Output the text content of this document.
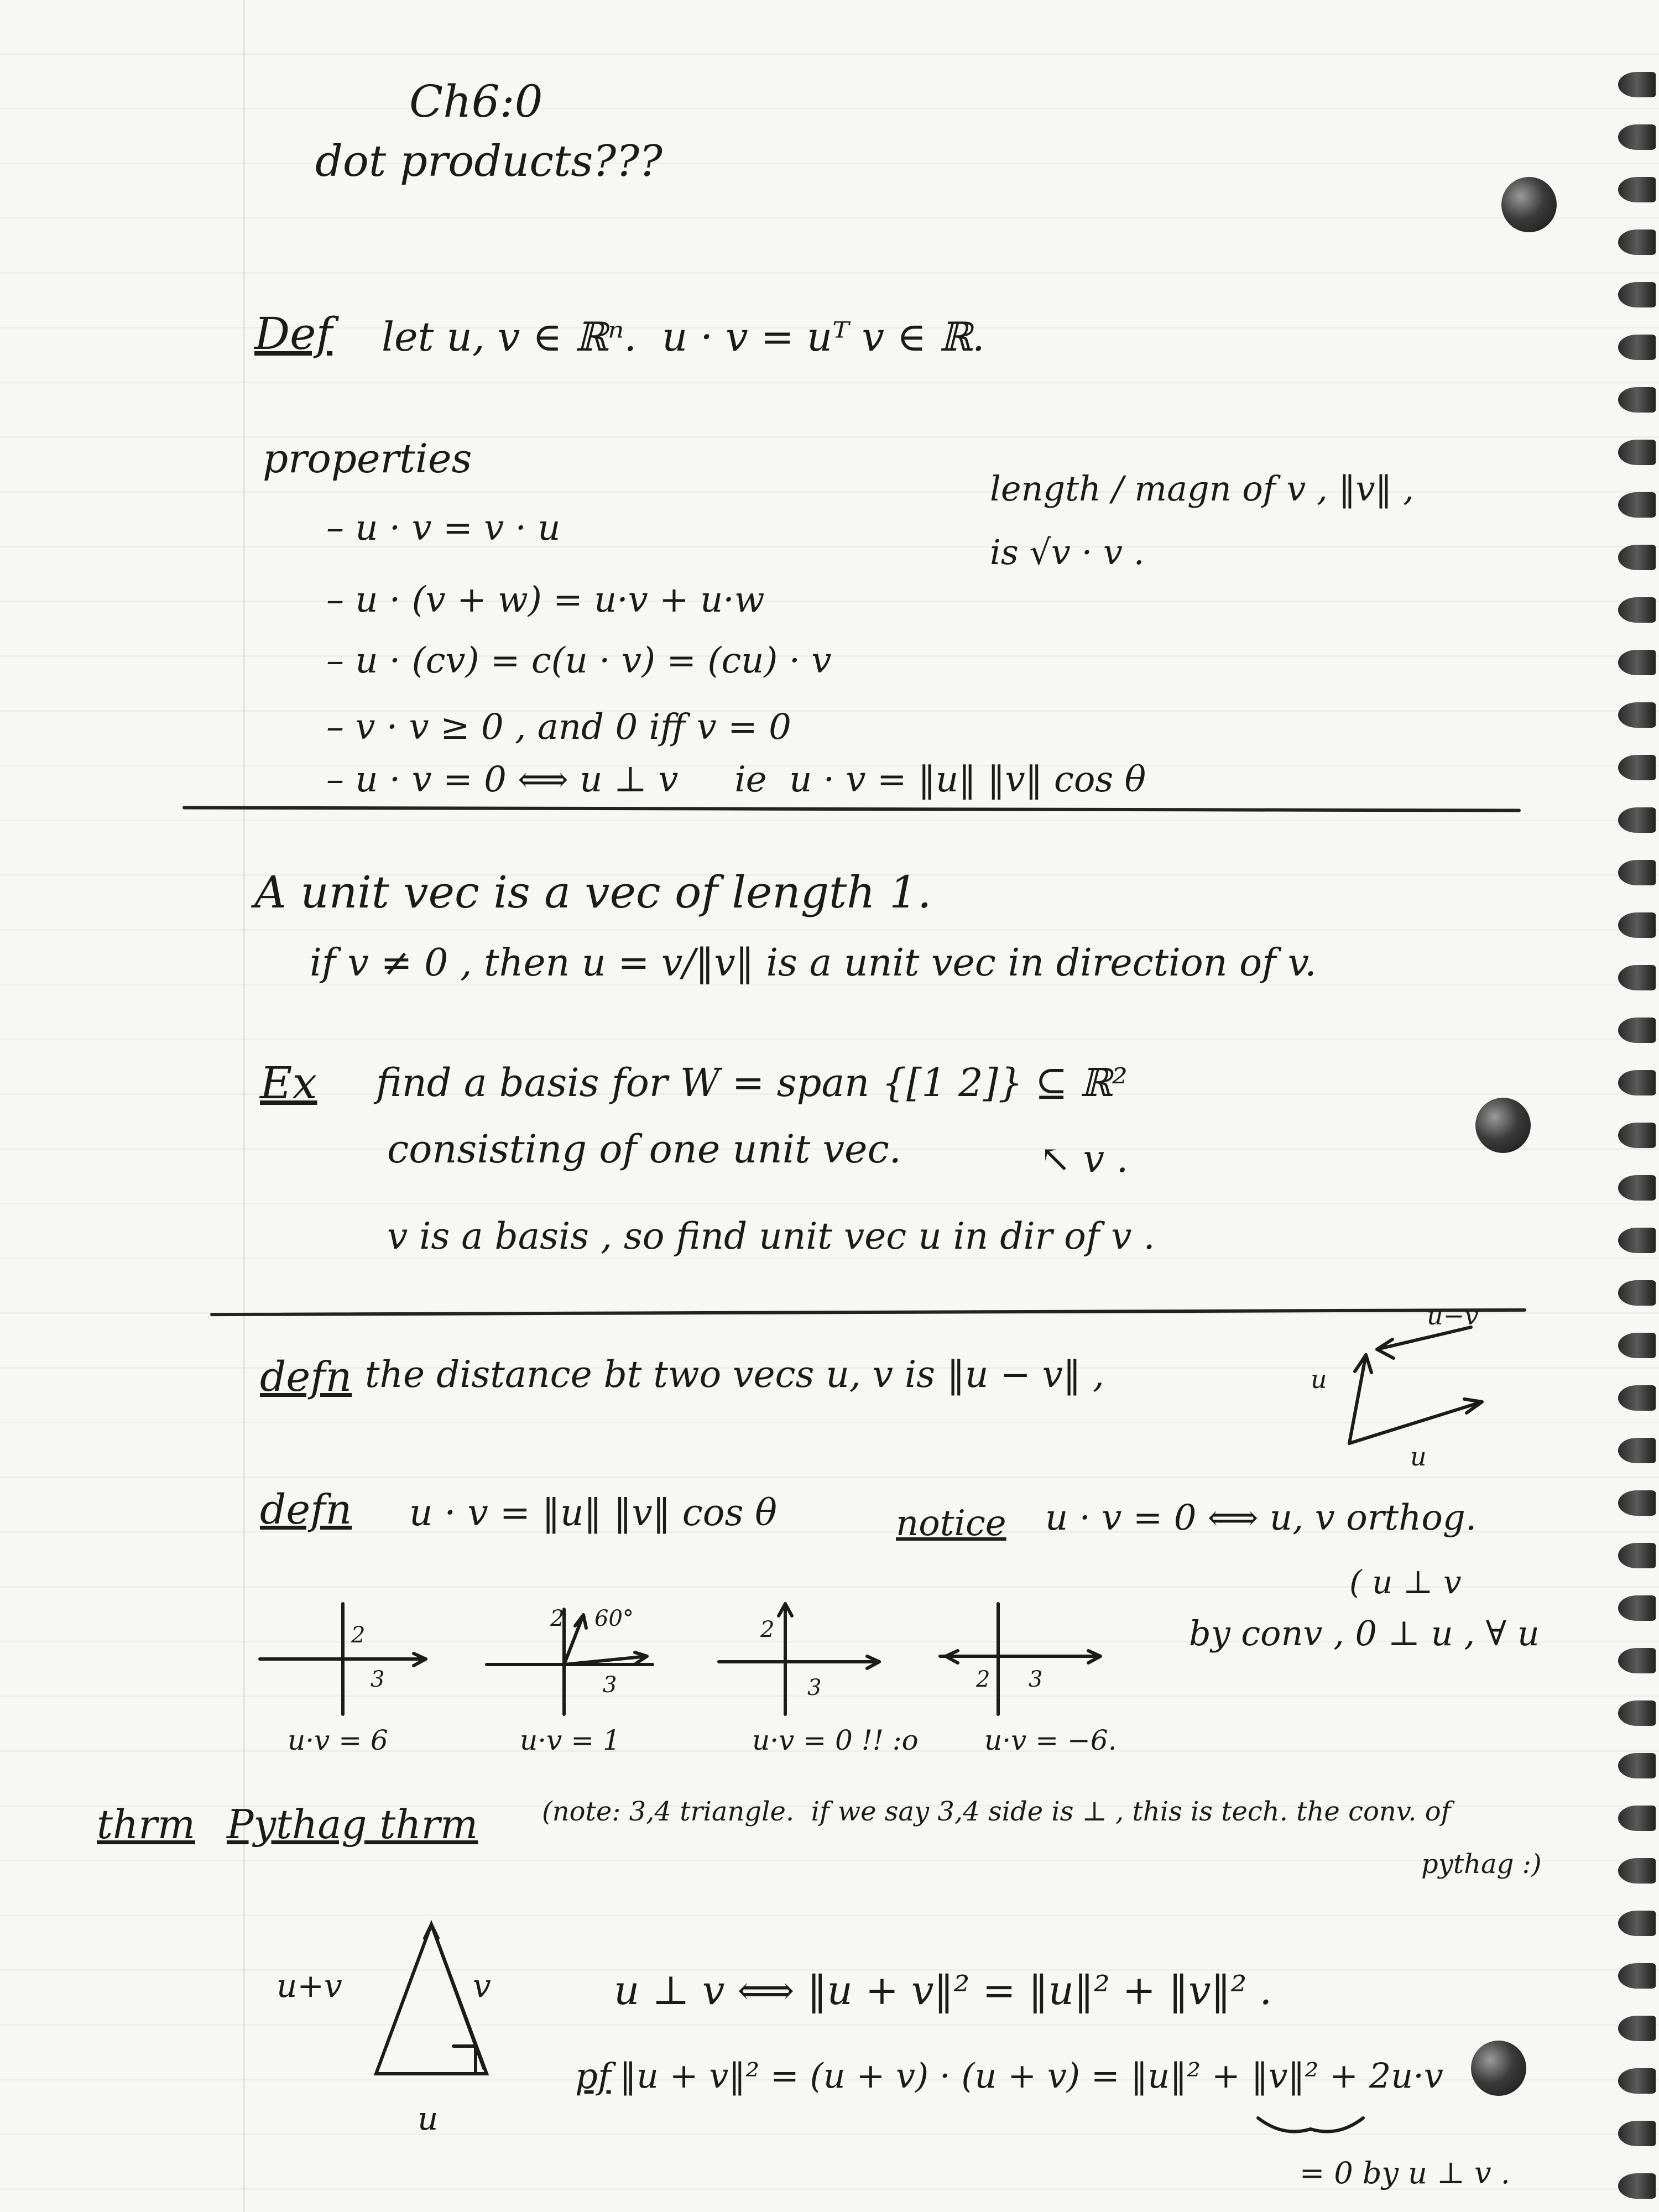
Ch6:0
dot products???
Def let u, v ∈ ℝⁿ.  u · v = uᵀ v ∈ ℝ.
properties
– u · v = v · u
– u · (v + w) = u·v + u·w
– u · (cv) = c(u · v) = (cu) · v
– v · v ≥ 0 , and 0 iff v = 0
– u · v = 0 ⟺ u ⊥ v     ie  u · v = ‖u‖ ‖v‖ cos θ
length / magn of v , ‖v‖ ,
is √v · v .
A unit vec is a vec of length 1.
if v ≠ 0 , then u = v/‖v‖ is a unit vec in direction of v.
Ex find a basis for W = span {[1 2]} ⊆ ℝ²
consisting of one unit vec.	↖ v .
v is a basis , so find unit vec u in dir of v .
defn the distance bt two vecs u, v is ‖u − v‖ ,
u−v
u
u
defn u · v = ‖u‖ ‖v‖ cos θ	notice u · v = 0 ⟺ u, v orthog.
( u ⊥ v
by conv , 0 ⊥ u , ∀ u
2
3
u·v = 6
2 60°
3
u·v = 1
2
3
u·v = 0 !! :o
2 3
u·v = −6.
thrm Pythag thrm (note: 3,4 triangle.  if we say 3,4 side is ⊥ , this is tech. the conv. of
pythag :)
u+v	v
u
u ⊥ v ⟺ ‖u + v‖² = ‖u‖² + ‖v‖² .
pf ‖u + v‖² = (u + v) · (u + v) = ‖u‖² + ‖v‖² + 2u·v
= 0 by u ⊥ v .
